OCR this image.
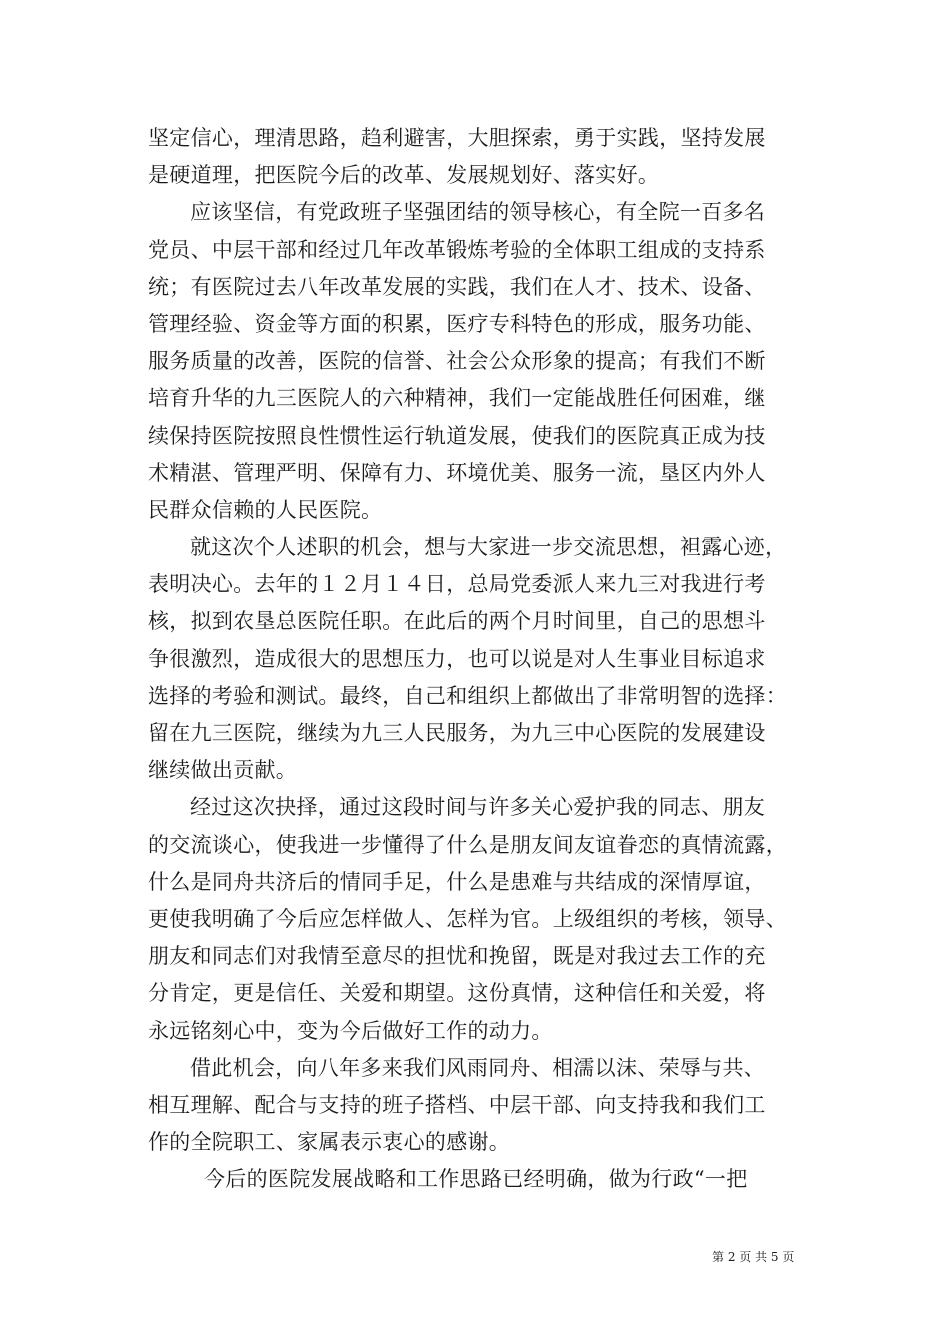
坚定信心，理清思路，趋利避害，大胆探索，勇于实践，坚持发展
是硬道理，把医院今后的改革、发展规划好、落实好。
应该坚信，有党政班子坚强团结的领导核心，有全院一百多名
党员、中层干部和经过几年改革锻炼考验的全体职工组成的支持系
统；有医院过去八年改革发展的实践，我们在人才、技术、设备、
管理经验、资金等方面的积累，医疗专科特色的形成，服务功能、
服务质量的改善，医院的信誉、社会公众形象的提高；有我们不断
培育升华的九三医院人的六种精神，我们一定能战胜任何困难，继
续保持医院按照良性惯性运行轨道发展，使我们的医院真正成为技
术精湛、管理严明、保障有力、环境优美、服务一流，垦区内外人
民群众信赖的人民医院。
就这次个人述职的机会，想与大家进一步交流思想，袒露心迹，
表明决心。去年的１２月１４日，总局党委派人来九三对我进行考
核，拟到农垦总医院任职。在此后的两个月时间里，自己的思想斗
争很激烈，造成很大的思想压力，也可以说是对人生事业目标追求
选择的考验和测试。最终，自己和组织上都做出了非常明智的选择：
留在九三医院，继续为九三人民服务，为九三中心医院的发展建设
继续做出贡献。
经过这次抉择，通过这段时间与许多关心爱护我的同志、朋友
的交流谈心，使我进一步懂得了什么是朋友间友谊眷恋的真情流露，
什么是同舟共济后的情同手足，什么是患难与共结成的深情厚谊，
更使我明确了今后应怎样做人、怎样为官。上级组织的考核，领导、
朋友和同志们对我情至意尽的担忧和挽留，既是对我过去工作的充
分肯定，更是信任、关爱和期望。这份真情，这种信任和关爱，将
永远铭刻心中，变为今后做好工作的动力。
借此机会，向八年多来我们风雨同舟、相濡以沫、荣辱与共、
相互理解、配合与支持的班子搭档、中层干部、向支持我和我们工
作的全院职工、家属表示衷心的感谢。
今后的医院发展战略和工作思路已经明确，做为行政“一把
第 2 页 共 5 页
